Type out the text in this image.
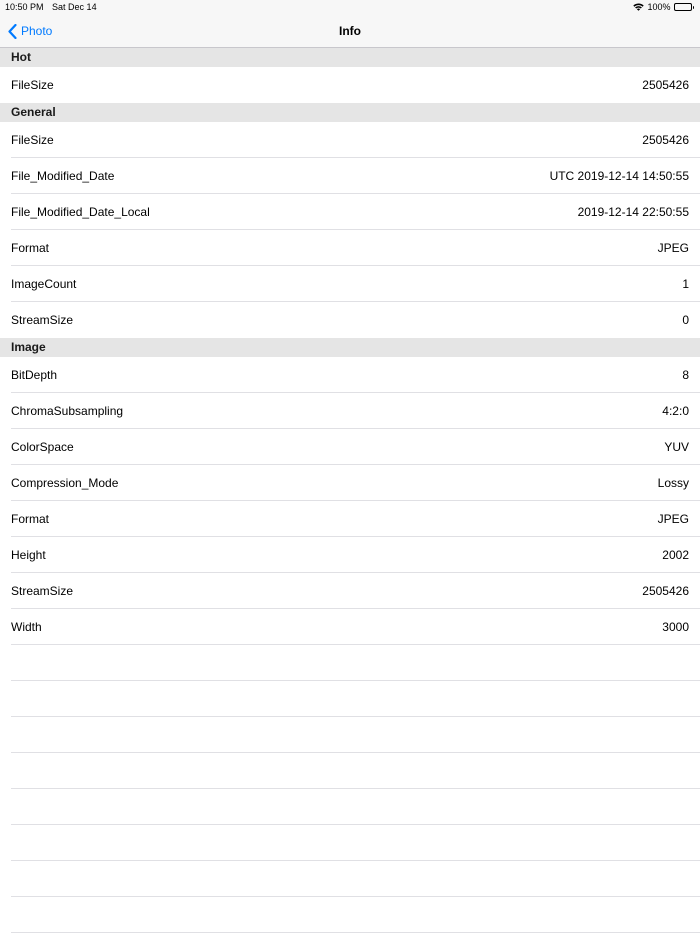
10:50 PM Sat Dec 14	100%
Photo	Info
Hot
FileSize	2505426
General
FileSize	2505426
File_Modified_Date	UTC 2019-12-14 14:50:55
File_Modified_Date_Local	2019-12-14 22:50:55
Format	JPEG
ImageCount	1
StreamSize	0
Image
BitDepth	8
ChromaSubsampling	4:2:0
ColorSpace	YUV
Compression_Mode	Lossy
Format	JPEG
Height	2002
StreamSize	2505426
Width	3000
